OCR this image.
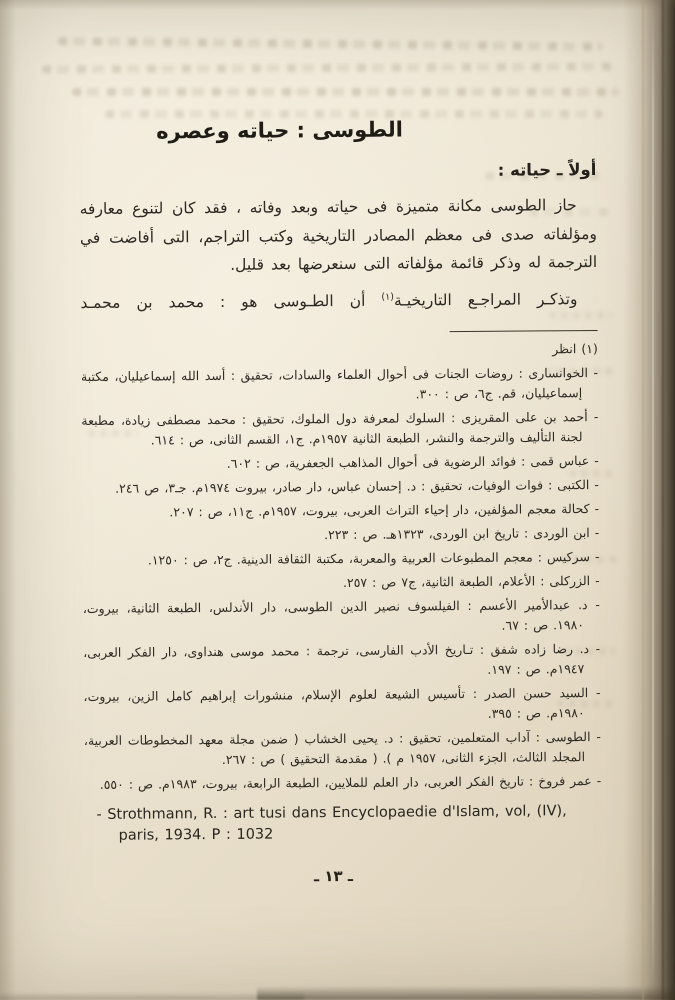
الطوسى : حياته وعصره
أولاً ـ حياته :

حاز الطوسى مكانة متميزة فى حياته وبعد وفاته ، فقد كان لتنوع معارفه ومؤلفاته صدى فى معظم المصادر التاريخية وكتب التراجم، التى أفاضت في الترجمة له وذكر قائمة مؤلفاته التى سنعرضها بعد قليل.

وتذكـر المراجـع التاريخيـة$^{(١)}$ أن الطـوسى هو : محمد بن محمـد

(١) انظر
- الخوانسارى : روضات الجنات فى أحوال العلماء والسادات، تحقيق : أسد الله إسماعيليان، مكتبة إسماعيليان، قم. ج٦، ص : ٣٠٠.
- أحمد بن على المقريزى : السلوك لمعرفة دول الملوك، تحقيق : محمد مصطفى زيادة، مطبعة لجنة التأليف والترجمة والنشر، الطبعة الثانية ١٩٥٧م. ج١، القسم الثانى، ص : ٦١٤.
- عباس قمى : فوائد الرضوية فى أحوال المذاهب الجعفرية، ص : ٦٠٢.
- الكتبى : فوات الوفيات، تحقيق : د. إحسان عباس، دار صادر، بيروت ١٩٧٤م. جـ٣، ص ٢٤٦.
- كحالة معجم المؤلفين، دار إحياء التراث العربى، بيروت، ١٩٥٧م. ج١١، ص : ٢٠٧.
- ابن الوردى : تاريخ ابن الوردى، ١٣٢٣هـ. ص : ٢٢٣.
- سركيس : معجم المطبوعات العربية والمعربة، مكتبة الثقافة الدينية. ج٢، ص : ١٢٥٠.
- الزركلى : الأعلام، الطبعة الثانية، ج٧ ص : ٢٥٧.
- د. عبدالأمير الأعسم : الفيلسوف نصير الدين الطوسى، دار الأندلس، الطبعة الثانية، بيروت، ١٩٨٠. ص : ٦٧.
- د. رضا زاده شفق : تـاريخ الأدب الفارسى، ترجمة : محمد موسى هنداوى، دار الفكر العربى، ١٩٤٧م. ص : ١٩٧.
- السيد حسن الصدر : تأسيس الشيعة لعلوم الإسلام، منشورات إبراهيم كامل الزين، بيروت، ١٩٨٠م. ص : ٣٩٥.
- الطوسى : آداب المتعلمين، تحقيق : د. يحيى الخشاب ( ضمن مجلة معهد المخطوطات العربية، المجلد الثالث، الجزء الثانى، ١٩٥٧ م ). ( مقدمة التحقيق ) ص : ٢٦٧.
- عمر فروخ : تاريخ الفكر العربى، دار العلم للملايين، الطبعة الرابعة، بيروت، ١٩٨٣م. ص : ٥٥٠.
- Strothmann, R. : art tusi dans Encyclopaedie d'Islam, vol, (IV), paris, 1934. P : 1032
ـ ١٣ ـ
